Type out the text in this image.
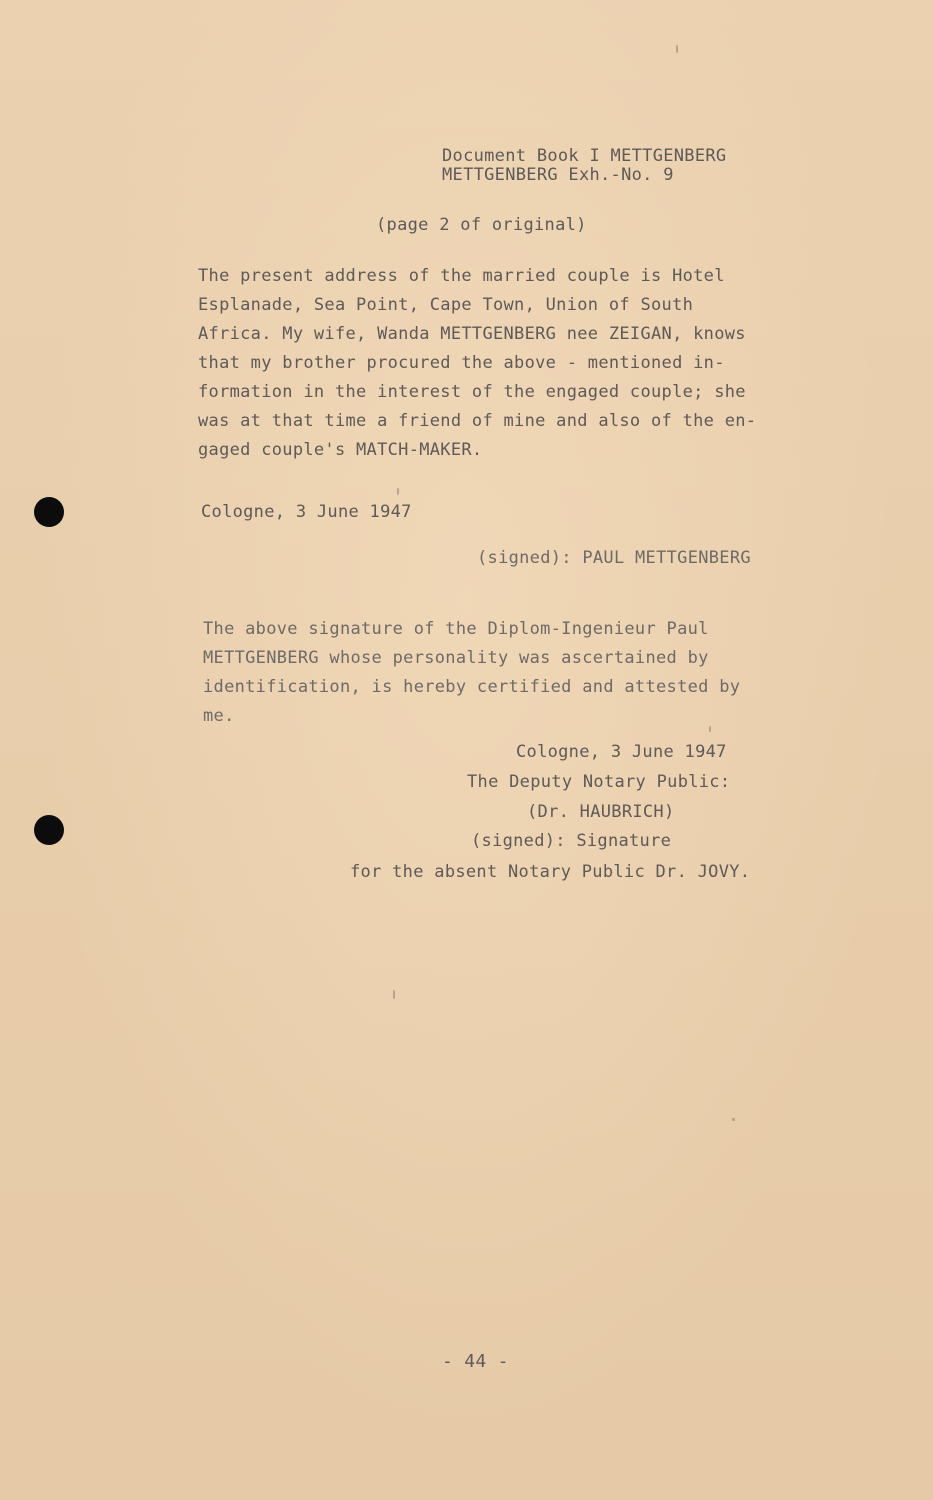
Document Book I METTGENBERG
METTGENBERG Exh.-No. 9
(page 2 of original)
The present address of the married couple is Hotel
Esplanade, Sea Point, Cape Town, Union of South
Africa. My wife, Wanda METTGENBERG nee ZEIGAN, knows
that my brother procured the above - mentioned in-
formation in the interest of the engaged couple; she
was at that time a friend of mine and also of the en-
gaged couple's MATCH-MAKER.
Cologne, 3 June 1947
(signed): PAUL METTGENBERG
The above signature of the Diplom-Ingenieur Paul
METTGENBERG whose personality was ascertained by
identification, is hereby certified and attested by
me.
Cologne, 3 June 1947
The Deputy Notary Public:
(Dr. HAUBRICH)
(signed): Signature
for the absent Notary Public Dr. JOVY.
- 44 -
